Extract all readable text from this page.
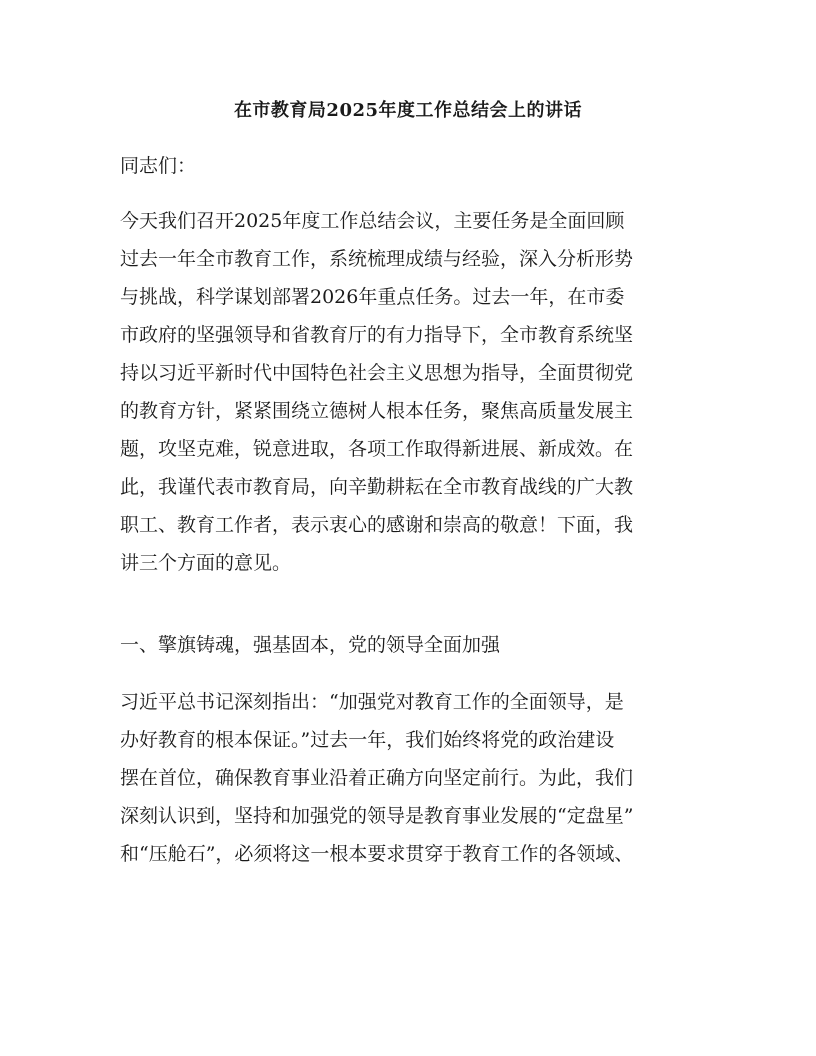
在市教育局2025年度工作总结会上的讲话

同志们：

今天我们召开2025年度工作总结会议，主要任务是全面回顾
过去一年全市教育工作，系统梳理成绩与经验，深入分析形势
与挑战，科学谋划部署2026年重点任务。过去一年，在市委
市政府的坚强领导和省教育厅的有力指导下，全市教育系统坚
持以习近平新时代中国特色社会主义思想为指导，全面贯彻党
的教育方针，紧紧围绕立德树人根本任务，聚焦高质量发展主
题，攻坚克难，锐意进取，各项工作取得新进展、新成效。在
此，我谨代表市教育局，向辛勤耕耘在全市教育战线的广大教
职工、教育工作者，表示衷心的感谢和崇高的敬意！下面，我
讲三个方面的意见。
一、擎旗铸魂，强基固本，党的领导全面加强
习近平总书记深刻指出：“加强党对教育工作的全面领导，是
办好教育的根本保证。”过去一年，我们始终将党的政治建设
摆在首位，确保教育事业沿着正确方向坚定前行。为此，我们
深刻认识到，坚持和加强党的领导是教育事业发展的“定盘星”
和“压舱石”，必须将这一根本要求贯穿于教育工作的各领域、
